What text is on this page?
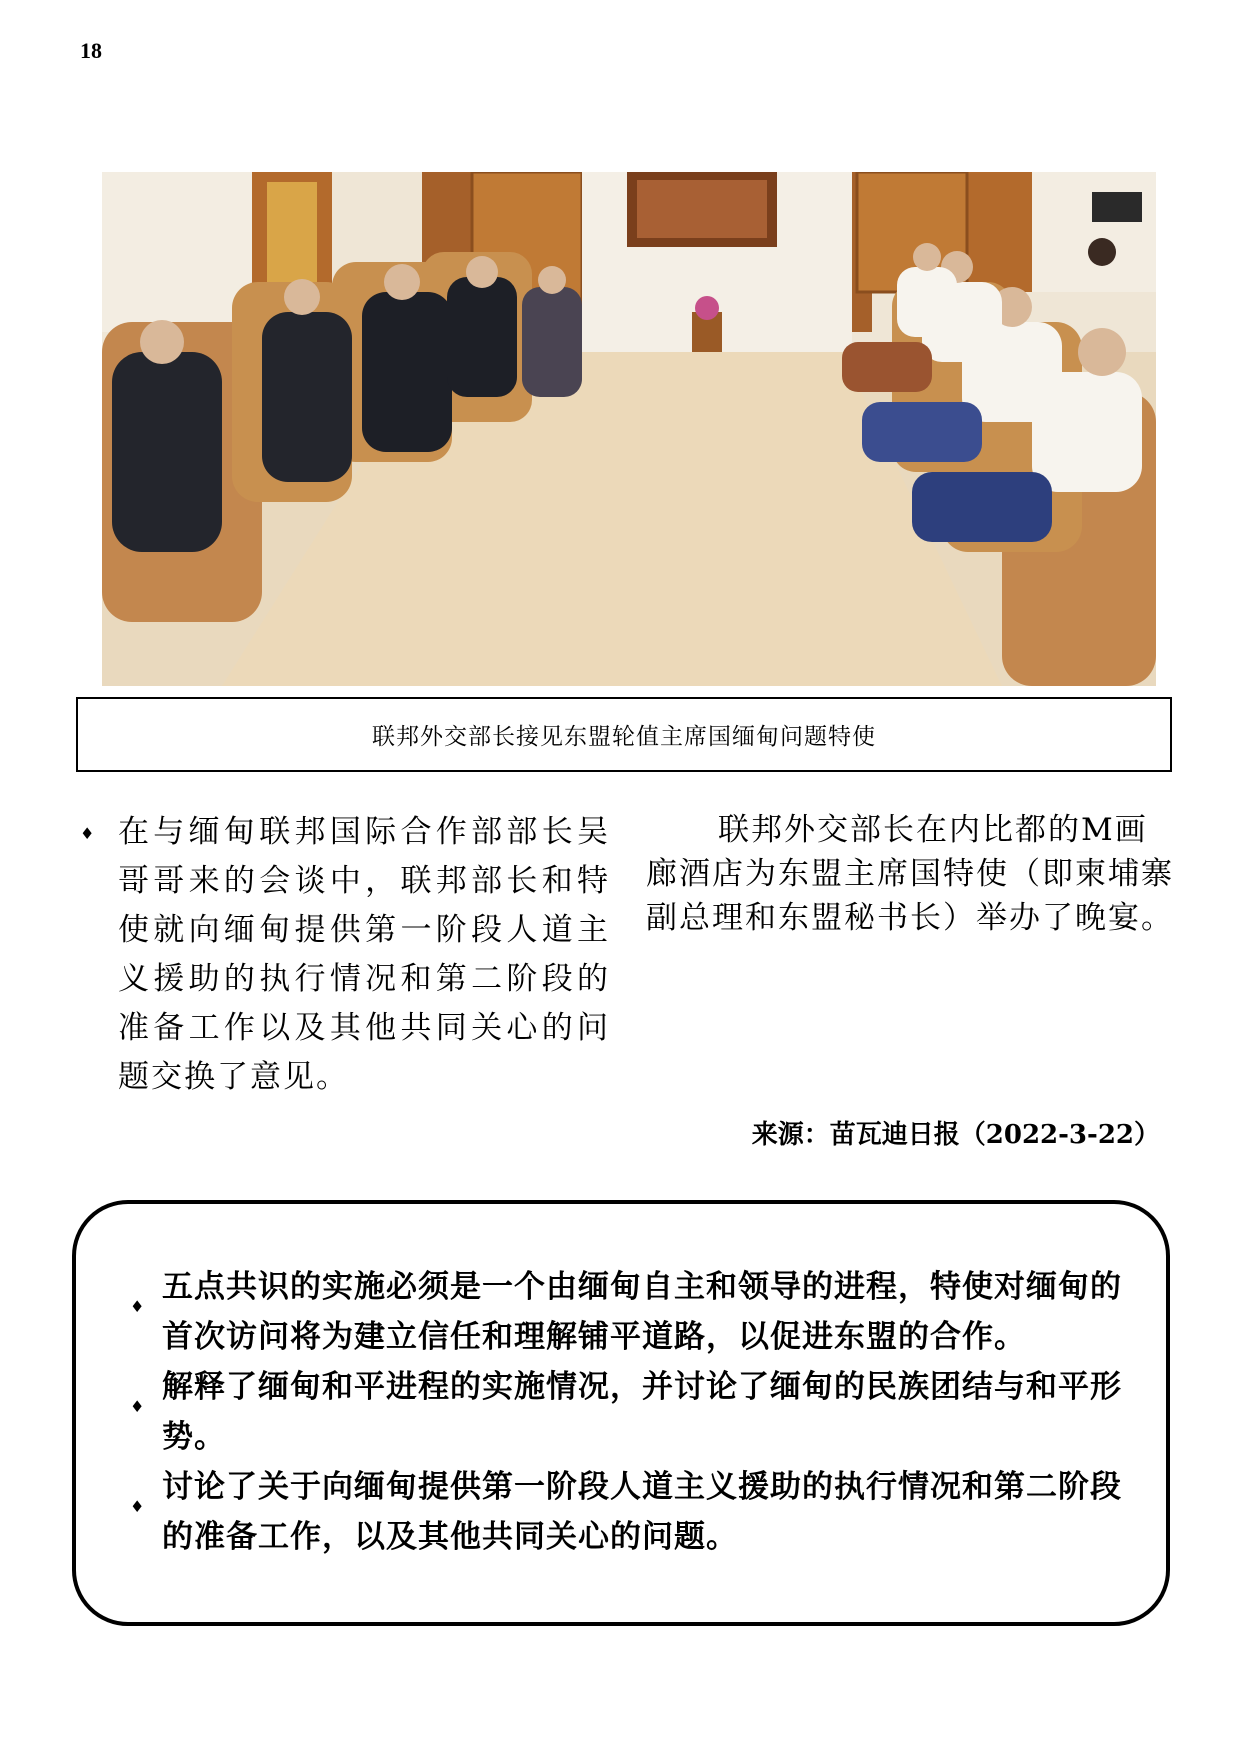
18
联邦外交部长接见东盟轮值主席国缅甸问题特使
♦ 在与缅甸联邦国际合作部部长吴哥哥来的会谈中，联邦部长和特使就向缅甸提供第一阶段人道主义援助的执行情况和第二阶段的准备工作以及其他共同关心的问题交换了意见。
联邦外交部长在内比都的M画廊酒店为东盟主席国特使（即柬埔寨副总理和东盟秘书长）举办了晚宴。
来源：苗瓦迪日报（2022-3-22）
♦
五点共识的实施必须是一个由缅甸自主和领导的进程，特使对缅甸的首次访问将为建立信任和理解铺平道路，以促进东盟的合作。
♦
解释了缅甸和平进程的实施情况，并讨论了缅甸的民族团结与和平形势。
♦
讨论了关于向缅甸提供第一阶段人道主义援助的执行情况和第二阶段的准备工作，以及其他共同关心的问题。
